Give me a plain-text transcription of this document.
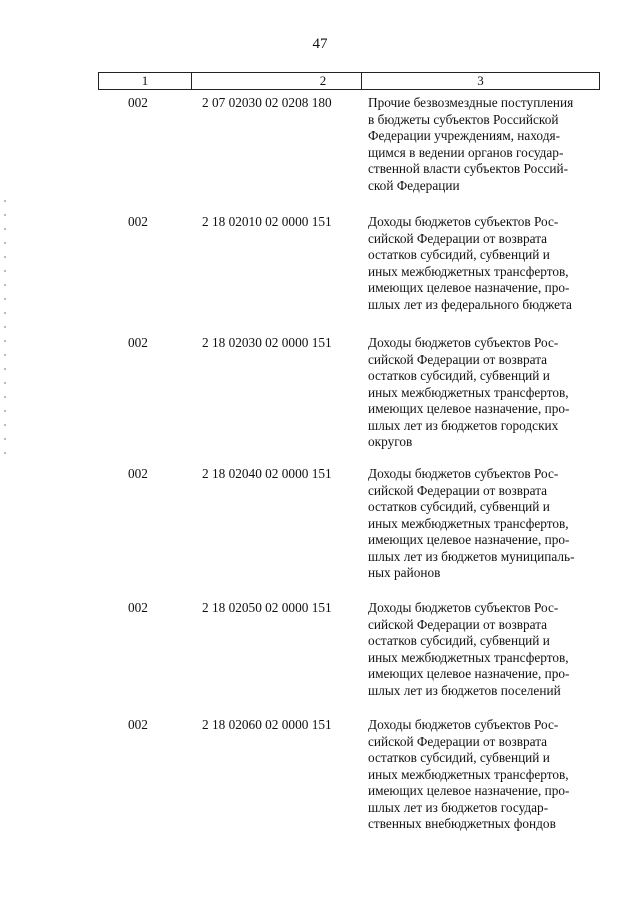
47
1	2	3
002	2 07 02030 02 0208 180	Прочие безвозмездные поступления
в бюджеты субъектов Российской
Федерации учреждениям, находя-
щимся в ведении органов государ-
ственной власти субъектов Россий-
ской Федерации
002	2 18 02010 02 0000 151	Доходы бюджетов субъектов Рос-
сийской Федерации от возврата
остатков субсидий, субвенций и
иных межбюджетных трансфертов,
имеющих целевое назначение, про-
шлых лет из федерального бюджета
002	2 18 02030 02 0000 151	Доходы бюджетов субъектов Рос-
сийской Федерации от возврата
остатков субсидий, субвенций и
иных межбюджетных трансфертов,
имеющих целевое назначение, про-
шлых лет из бюджетов городских
округов
002	2 18 02040 02 0000 151	Доходы бюджетов субъектов Рос-
сийской Федерации от возврата
остатков субсидий, субвенций и
иных межбюджетных трансфертов,
имеющих целевое назначение, про-
шлых лет из бюджетов муниципаль-
ных районов
002	2 18 02050 02 0000 151	Доходы бюджетов субъектов Рос-
сийской Федерации от возврата
остатков субсидий, субвенций и
иных межбюджетных трансфертов,
имеющих целевое назначение, про-
шлых лет из бюджетов поселений
002	2 18 02060 02 0000 151	Доходы бюджетов субъектов Рос-
сийской Федерации от возврата
остатков субсидий, субвенций и
иных межбюджетных трансфертов,
имеющих целевое назначение, про-
шлых лет из бюджетов государ-
ственных внебюджетных фондов
